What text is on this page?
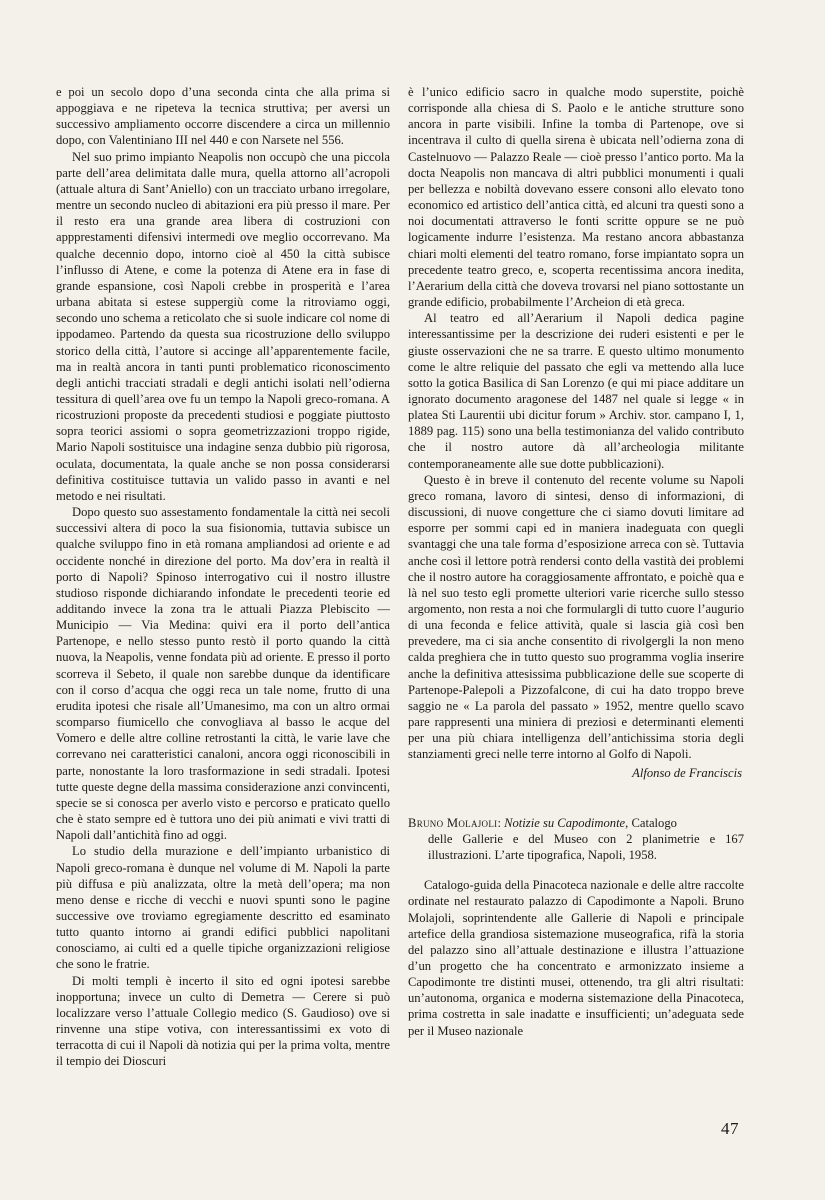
e poi un secolo dopo d’una seconda cinta che alla prima si appoggiava e ne ripeteva la tecnica struttiva; per aversi un successivo ampliamento occorre discendere a circa un millennio dopo, con Valentiniano III nel 440 e con Narsete nel 556.

Nel suo primo impianto Neapolis non occupò che una piccola parte dell’area delimitata dalle mura, quella attorno all’acropoli (attuale altura di Sant’Aniello) con un tracciato urbano irregolare, mentre un secondo nucleo di abitazioni era più presso il mare. Per il resto era una grande area libera di costruzioni con appprestamenti difensivi intermedi ove meglio occorrevano. Ma qualche decennio dopo, intorno cioè al 450 la città subisce l’influsso di Atene, e come la potenza di Atene era in fase di grande espansione, così Napoli crebbe in prosperità e l’area urbana abitata si estese suppergiù come la ritroviamo oggi, secondo uno schema a reticolato che si suole indicare col nome di ippodameo. Partendo da questa sua ricostruzione dello sviluppo storico della città, l’autore si accinge all’apparentemente facile, ma in realtà ancora in tanti punti problematico riconoscimento degli antichi tracciati stradali e degli antichi isolati nell’odierna tessitura di quell’area ove fu un tempo la Napoli greco-romana. A ricostruzioni proposte da precedenti studiosi e poggiate piuttosto sopra teorici assiomi o sopra geometrizzazioni troppo rigide, Mario Napoli sostituisce una indagine senza dubbio più rigorosa, oculata, documentata, la quale anche se non possa considerarsi definitiva costituisce tuttavia un valido passo in avanti e nel metodo e nei risultati.

Dopo questo suo assestamento fondamentale la città nei secoli successivi altera di poco la sua fisionomia, tuttavia subisce un qualche sviluppo fino in età romana ampliandosi ad oriente e ad occidente nonché in direzione del porto. Ma dov’era in realtà il porto di Napoli? Spinoso interrogativo cui il nostro illustre studioso risponde dichiarando infondate le precedenti teorie ed additando invece la zona tra le attuali Piazza Plebiscito — Municipio — Via Medina: quivi era il porto dell’antica Partenope, e nello stesso punto restò il porto quando la città nuova, la Neapolis, venne fondata più ad oriente. E presso il porto scorreva il Sebeto, il quale non sarebbe dunque da identificare con il corso d’acqua che oggi reca un tale nome, frutto di una erudita ipotesi che risale all’Umanesimo, ma con un altro ormai scomparso fiumicello che convogliava al basso le acque del Vomero e delle altre colline retrostanti la città, le varie lave che correvano nei caratteristici canaloni, ancora oggi riconoscibili in parte, nonostante la loro trasformazione in sedi stradali. Ipotesi tutte queste degne della massima considerazione anzi convincenti, specie se si conosca per averlo visto e percorso e praticato quello che è stato sempre ed è tuttora uno dei più animati e vivi tratti di Napoli dall’antichità fino ad oggi.

Lo studio della murazione e dell’impianto urbanistico di Napoli greco-romana è dunque nel volume di M. Napoli la parte più diffusa e più analizzata, oltre la metà dell’opera; ma non meno dense e ricche di vecchi e nuovi spunti sono le pagine successive ove troviamo egregiamente descritto ed esaminato tutto quanto intorno ai grandi edifici pubblici napolitani conosciamo, ai culti ed a quelle tipiche organizzazioni religiose che sono le fratrie.

Di molti templi è incerto il sito ed ogni ipotesi sarebbe inopportuna; invece un culto di Demetra — Cerere si può localizzare verso l’attuale Collegio medico (S. Gaudioso) ove si rinvenne una stipe votiva, con interessantissimi ex voto di terracotta di cui il Napoli dà notizia qui per la prima volta, mentre il tempio dei Dioscuri

è l’unico edificio sacro in qualche modo superstite, poichè corrisponde alla chiesa di S. Paolo e le antiche strutture sono ancora in parte visibili. Infine la tomba di Partenope, ove si incentrava il culto di quella sirena è ubicata nell’odierna zona di Castelnuovo — Palazzo Reale — cioè presso l’antico porto. Ma la docta Neapolis non mancava di altri pubblici monumenti i quali per bellezza e nobiltà dovevano essere consoni allo elevato tono economico ed artistico dell’antica città, ed alcuni tra questi sono a noi documentati attraverso le fonti scritte oppure se ne può logicamente indurre l’esistenza. Ma restano ancora abbastanza chiari molti elementi del teatro romano, forse impiantato sopra un precedente teatro greco, e, scoperta recentissima ancora inedita, l’Aerarium della città che doveva trovarsi nel piano sottostante un grande edificio, probabilmente l’Archeion di età greca.

Al teatro ed all’Aerarium il Napoli dedica pagine interessantissime per la descrizione dei ruderi esistenti e per le giuste osservazioni che ne sa trarre. E questo ultimo monumento come le altre reliquie del passato che egli va mettendo alla luce sotto la gotica Basilica di San Lorenzo (e qui mi piace additare un ignorato documento aragonese del 1487 nel quale si legge « in platea Sti Laurentii ubi dicitur forum » Archiv. stor. campano I, 1, 1889 pag. 115) sono una bella testimonianza del valido contributo che il nostro autore dà all’archeologia militante contemporaneamente alle sue dotte pubblicazioni).

Questo è in breve il contenuto del recente volume su Napoli greco romana, lavoro di sintesi, denso di informazioni, di discussioni, di nuove congetture che ci siamo dovuti limitare ad esporre per sommi capi ed in maniera inadeguata con quegli svantaggi che una tale forma d’esposizione arreca con sè. Tuttavia anche così il lettore potrà rendersi conto della vastità dei problemi che il nostro autore ha coraggiosamente affrontato, e poichè qua e là nel suo testo egli promette ulteriori varie ricerche sullo stesso argomento, non resta a noi che formulargli di tutto cuore l’augurio di una feconda e felice attività, quale si lascia già così ben prevedere, ma ci sia anche consentito di rivolgergli la non meno calda preghiera che in tutto questo suo programma voglia inserire anche la definitiva attesissima pubblicazione delle sue scoperte di Partenope-Palepoli a Pizzofalcone, di cui ha dato troppo breve saggio ne « La parola del passato » 1952, mentre quello scavo pare rappresenti una miniera di preziosi e determinanti elementi per una più chiara intelligenza dell’antichissima storia degli stanziamenti greci nelle terre intorno al Golfo di Napoli.

Alfonso de Franciscis

Bruno Molajoli: Notizie su Capodimonte, Catalogo
delle Gallerie e del Museo con 2 planimetrie e 167 illustrazioni. L’arte tipografica, Napoli, 1958.

Catalogo-guida della Pinacoteca nazionale e delle altre raccolte ordinate nel restaurato palazzo di Capodimonte a Napoli. Bruno Molajoli, soprintendente alle Gallerie di Napoli e principale artefice della grandiosa sistemazione museografica, rifà la storia del palazzo sino all’attuale destinazione e illustra l’attuazione d’un progetto che ha concentrato e armonizzato insieme a Capodimonte tre distinti musei, ottenendo, tra gli altri risultati: un’autonoma, organica e moderna sistemazione della Pinacoteca, prima costretta in sale inadatte e insufficienti; un’adeguata sede per il Museo nazionale

47
